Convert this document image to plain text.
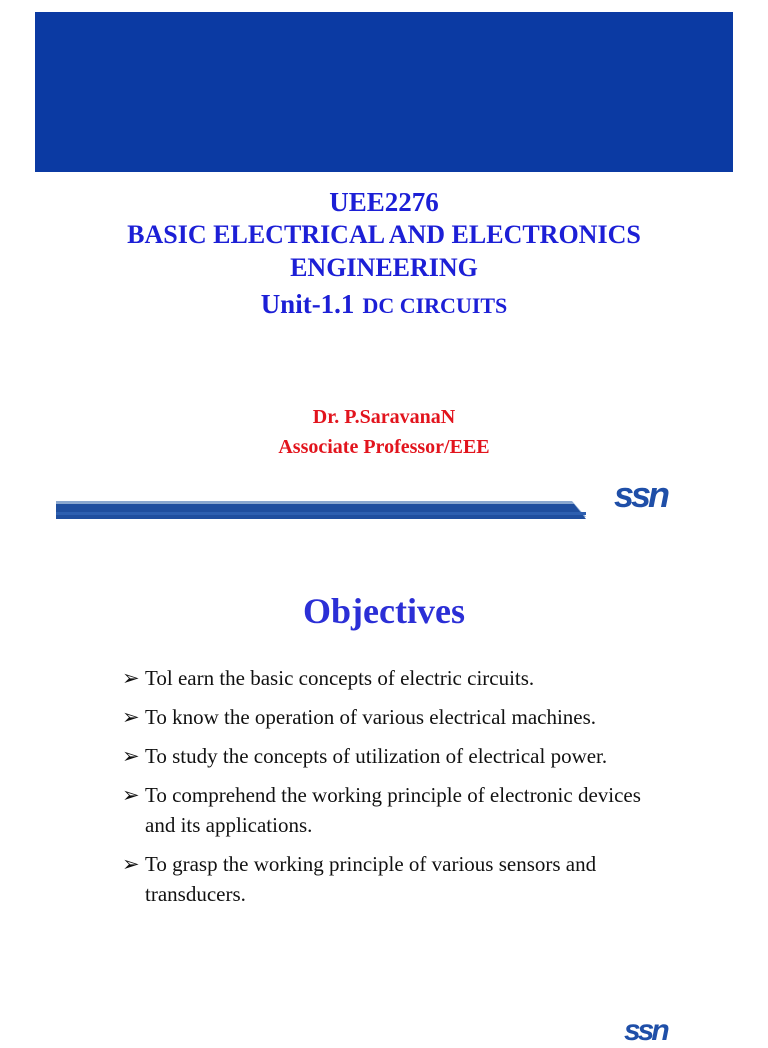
UEE2276
BASIC ELECTRICAL AND ELECTRONICS
ENGINEERING
Unit-1.1 DC CIRCUITS
Dr. P.SaravanaN
Associate Professor/EEE
ssn
Objectives
➢ Tol earn the basic concepts of electric circuits.
➢ To know the operation of various electrical machines.
➢ To study the concepts of utilization of electrical power.
➢ To comprehend the working principle of electronic devices and its applications.
➢ To grasp the working principle of various sensors and transducers.
ssn
